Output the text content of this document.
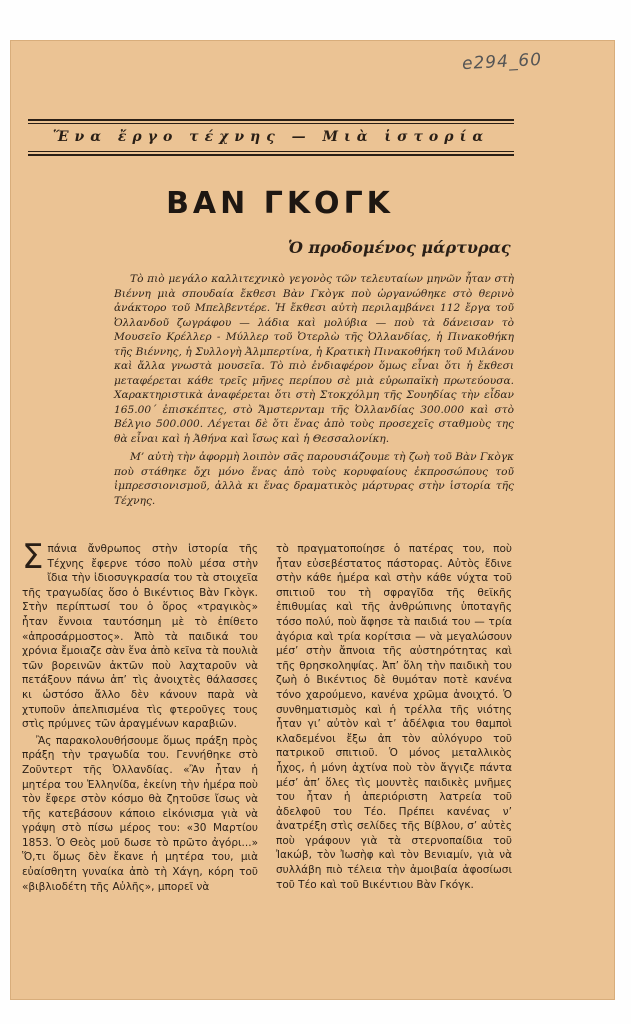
e294_60
Ἕνα ἔργο τέχνης — Μιὰ ἱστορία
ΒΑΝ ΓΚΟΓΚ
Ὁ προδομένος μάρτυρας

Τὸ πιὸ μεγάλο καλλιτεχνικὸ γεγονὸς τῶν τελευταίων μηνῶν ἦταν στὴ Βιέννη μιὰ σπουδαία ἔκθεσι Βὰν Γκὸγκ ποὺ ὠργανώθηκε στὸ θερινὸ ἀνάκτορο τοῦ Μπελβεντέρε. Ἡ ἔκθεσι αὐτὴ περιλαμβάνει 112 ἔργα τοῦ Ὀλλανδοῦ ζωγράφου — λάδια καὶ μολύβια — ποὺ τὰ δάνεισαν τὸ Μουσεῖο Κρέλλερ - Μύλλερ τοῦ Ὀτερλὼ τῆς Ὀλλανδίας, ἡ Πινακοθήκη τῆς Βιέννης, ἡ Συλλογὴ Ἀλμπερτίνα, ἡ Κρατικὴ Πινακοθήκη τοῦ Μιλάνου καὶ ἄλλα γνωστὰ μουσεῖα. Τὸ πιὸ ἐνδιαφέρον ὅμως εἶναι ὅτι ἡ ἔκθεσι μεταφέρεται κάθε τρεῖς μῆνες περίπου σὲ μιὰ εὐρωπαϊκὴ πρωτεύουσα. Χαρακτηριστικὰ ἀναφέρεται ὅτι στὴ Στοκχόλμη τῆς Σουηδίας τὴν εἶδαν 165.00΄ ἐπισκέπτες, στὸ Ἄμστερνταμ τῆς Ὀλλανδίας 300.000 καὶ στὸ Βέλγιο 500.000. Λέγεται δὲ ὅτι ἕνας ἀπὸ τοὺς προσεχεῖς σταθμοὺς της θὰ εἶναι καὶ ἡ Ἀθήνα καὶ ἴσως καὶ ἡ Θεσσαλονίκη.

Μ’ αὐτὴ τὴν ἀφορμὴ λοιπὸν σᾶς παρουσιάζουμε τὴ ζωὴ τοῦ Βὰν Γκὸγκ ποὺ στάθηκε ὄχι μόνο ἕνας ἀπὸ τοὺς κορυφαίους ἐκπροσώπους τοῦ ἰμπρεσσιονισμοῦ, ἀλλὰ κι ἕνας δραματικὸς μάρτυρας στὴν ἱστορία τῆς Τέχνης.

Σπάνια ἄνθρωπος στὴν ἱστορία τῆς Τέχνης ἔφερνε τόσο πολὺ μέσα στὴν ἴδια τὴν ἰδιοσυγκρασία του τὰ στοιχεῖα τῆς τραγωδίας ὅσο ὁ Βικέντιος Βὰν Γκὸγκ. Στὴν περίπτωσί του ὁ ὅρος «τραγικὸς» ἦταν ἔννοια ταυτόσημη μὲ τὸ ἐπίθετο «ἀπροσάρμοστος». Ἀπὸ τὰ παιδικά του χρόνια ἔμοιαζε σὰν ἕνα ἀπὸ κεῖνα τὰ πουλιὰ τῶν βορεινῶν ἀκτῶν ποὺ λαχταροῦν νὰ πετάξουν πάνω ἀπ’ τὶς ἀνοιχτὲς θάλασσες κι ὡστόσο ἄλλο δὲν κάνουν παρὰ νὰ χτυποῦν ἀπελπισμένα τὶς φτεροῦγες τους στὶς πρύμνες τῶν ἀραγμένων καραβιῶν.

Ἂς παρακολουθήσουμε ὅμως πράξη πρὸς πράξη τὴν τραγωδία του. Γεννήθηκε στὸ Ζοῦντερτ τῆς Ὀλλανδίας. «Ἂν ἦταν ἡ μητέρα του Ἑλληνίδα, ἐκείνη τὴν ἡμέρα ποὺ τὸν ἔφερε στὸν κόσμο θὰ ζητοῦσε ἴσως νὰ τῆς κατεβάσουν κάποιο εἰκόνισμα γιὰ νὰ γράψη στὸ πίσω μέρος του: «30 Μαρτίου 1853. Ὁ Θεὸς μοῦ δωσε τὸ πρῶτο ἀγόρι...» Ὅ,τι ὅμως δὲν ἔκανε ἡ μητέρα του, μιὰ εὐαίσθητη γυναίκα ἀπὸ τὴ Χάγη, κόρη τοῦ «βιβλιοδέτη τῆς Αὐλῆς», μπορεῖ νὰ

τὸ πραγματοποίησε ὁ πατέρας του, ποὺ ἦταν εὐσεβέστατος πάστορας. Αὐτὸς ἔδινε στὴν κάθε ἡμέρα καὶ στὴν κάθε νύχτα τοῦ σπιτιοῦ του τὴ σφραγῖδα τῆς θεϊκῆς ἐπιθυμίας καὶ τῆς ἀνθρώπινης ὑποταγῆς τόσο πολύ, ποὺ ἄφησε τὰ παιδιά του — τρία ἀγόρια καὶ τρία κορίτσια — νὰ μεγαλώσουν μέσ’ στὴν ἄπνοια τῆς αὐστηρότητας καὶ τῆς θρησκοληψίας. Ἀπ’ ὅλη τὴν παιδικὴ του ζωὴ ὁ Βικέντιος δὲ θυμόταν ποτὲ κανένα τόνο χαρούμενο, κανένα χρῶμα ἀνοιχτό. Ὁ συνθηματισμὸς καὶ ἡ τρέλλα τῆς νιότης ἦταν γι’ αὐτὸν καὶ τ’ ἀδέλφια του θαμποὶ κλαδεμένοι ἔξω ἀπ τὸν αὐλόγυρο τοῦ πατρικοῦ σπιτιοῦ. Ὁ μόνος μεταλλικὸς ἦχος, ἡ μόνη ἀχτίνα ποὺ τὸν ἄγγιζε πάντα μέσ’ ἀπ’ ὅλες τὶς μουντὲς παιδικὲς μνῆμες του ἦταν ἡ ἀπεριόριστη λατρεία τοῦ ἀδελφοῦ του Τέο. Πρέπει κανένας ν’ ἀνατρέξη στὶς σελίδες τῆς Βίβλου, σ’ αὐτὲς ποὺ γράφουν γιὰ τὰ στερνοπαίδια τοῦ Ἰακώβ, τὸν Ἰωσὴφ καὶ τὸν Βενιαμίν, γιὰ νὰ συλλάβη πιὸ τέλεια τὴν ἀμοιβαία ἀφοσίωσι τοῦ Τέο καὶ τοῦ Βικέντιου Βὰν Γκόγκ.
